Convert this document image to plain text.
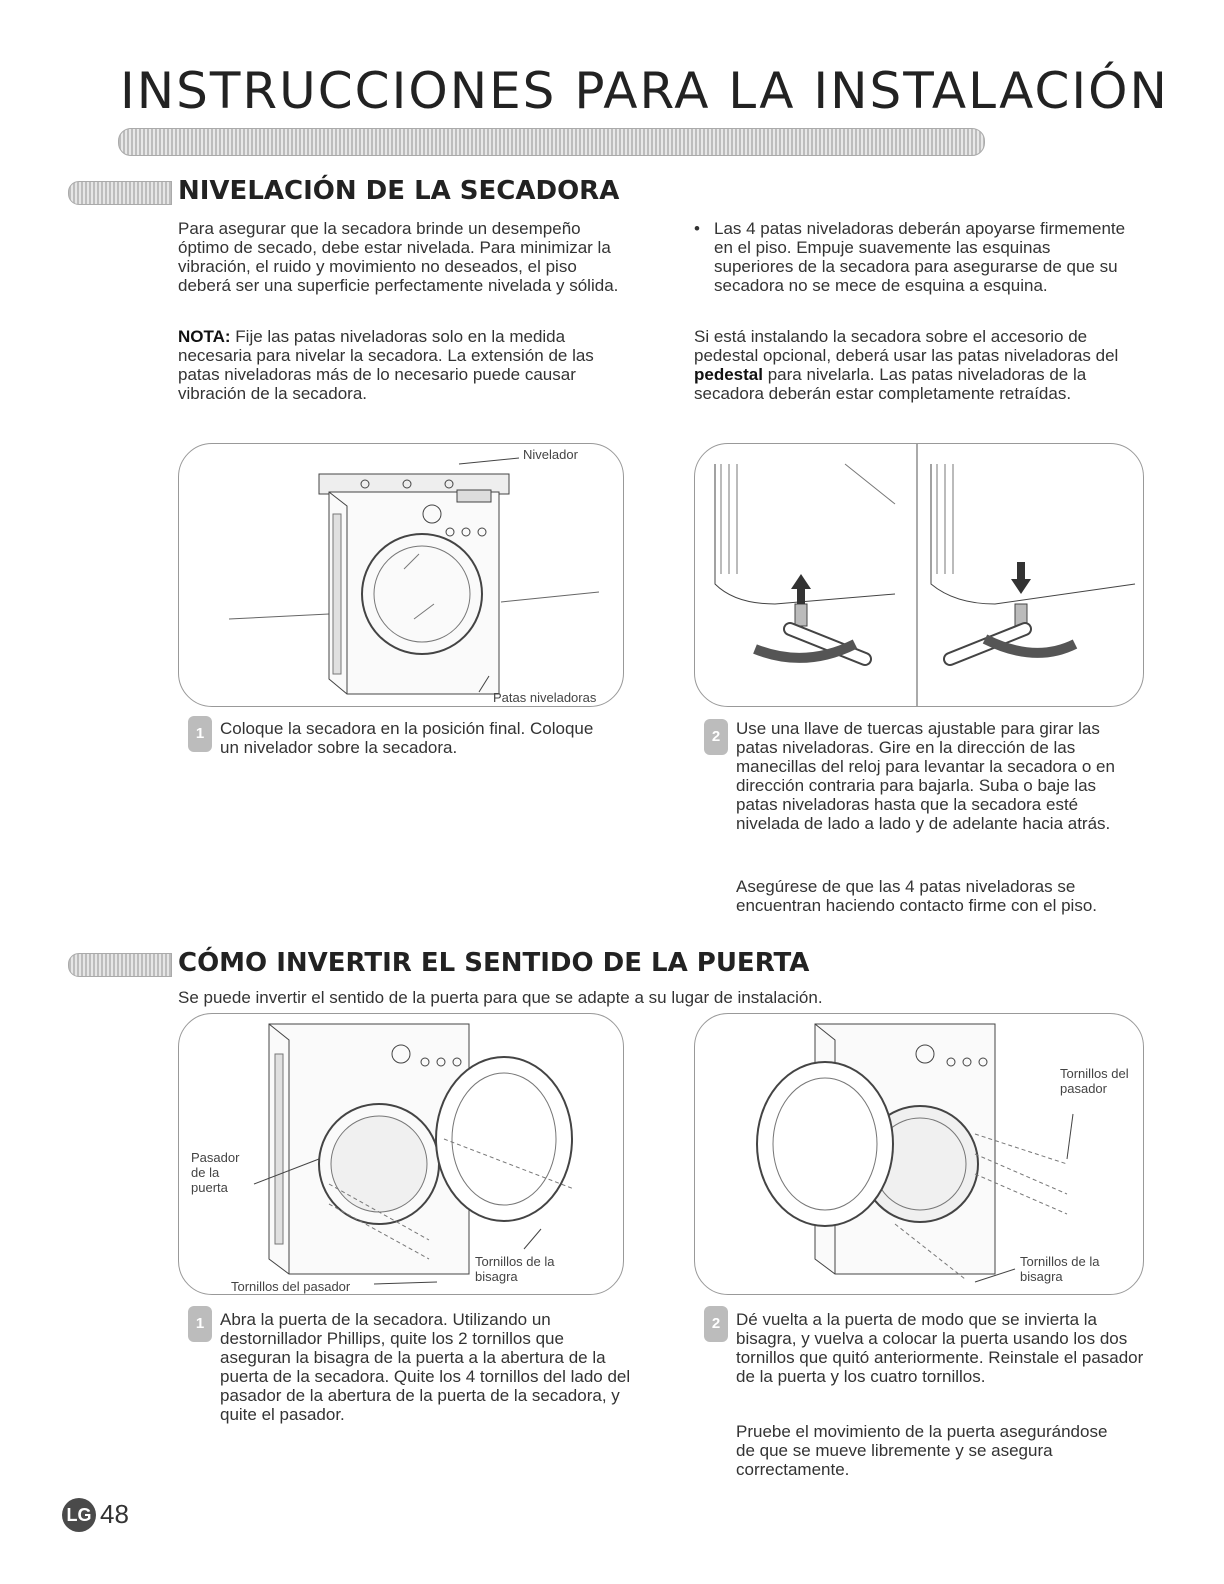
INSTRUCCIONES PARA LA INSTALACIÓN
NIVELACIÓN DE LA SECADORA
Para asegurar que la secadora brinde un desempeño óptimo de secado, debe estar nivelada. Para minimizar la vibración, el ruido y movimiento no deseados, el piso deberá ser una superficie perfectamente nivelada y sólida.
NOTA: Fije las patas niveladoras solo en la medida necesaria para nivelar la secadora. La extensión de las patas niveladoras más de lo necesario puede causar vibración de la secadora.
• Las 4 patas niveladoras deberán apoyarse firmemente en el piso. Empuje suavemente las esquinas superiores de la secadora para asegurarse de que su secadora no se mece de esquina a esquina.
Si está instalando la secadora sobre el accesorio de pedestal opcional, deberá usar las patas niveladoras del pedestal para nivelarla. Las patas niveladoras de la secadora deberán estar completamente retraídas.
Nivelador
Patas niveladoras
1 Coloque la secadora en la posición final. Coloque un nivelador sobre la secadora.
2 Use una llave de tuercas ajustable para girar las patas niveladoras. Gire en la dirección de las manecillas del reloj para levantar la secadora o en dirección contraria para bajarla. Suba o baje las patas niveladoras hasta que la secadora esté nivelada de lado a lado y de adelante hacia atrás.
Asegúrese de que las 4 patas niveladoras se encuentran haciendo contacto firme con el piso.
CÓMO INVERTIR EL SENTIDO DE LA PUERTA
Se puede invertir el sentido de la puerta para que se adapte a su lugar de instalación.
Pasador de la puerta
Tornillos del pasador
Tornillos de la bisagra
1 Abra la puerta de la secadora. Utilizando un destornillador Phillips, quite los 2 tornillos que aseguran la bisagra de la puerta a la abertura de la puerta de la secadora. Quite los 4 tornillos del lado del pasador de la abertura de la puerta de la secadora, y quite el pasador.
Tornillos del pasador
Tornillos de la bisagra
2 Dé vuelta a la puerta de modo que se invierta la bisagra, y vuelva a colocar la puerta usando los dos tornillos que quitó anteriormente. Reinstale el pasador de la puerta y los cuatro tornillos.
Pruebe el movimiento de la puerta asegurándose de que se mueve libremente y se asegura correctamente.
LG 48
